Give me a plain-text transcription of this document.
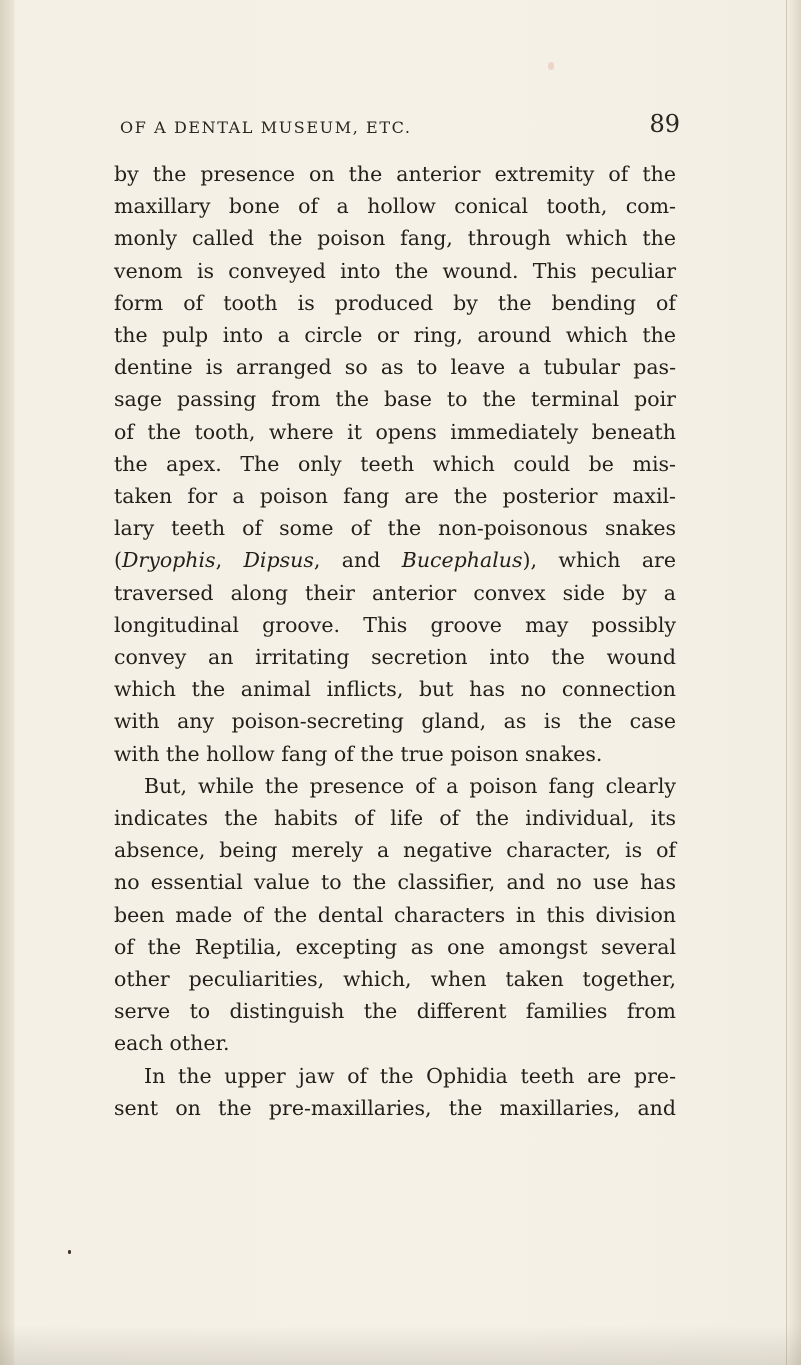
OF A DENTAL MUSEUM, ETC.	89
by the presence on the anterior extremity of the
maxillary bone of a hollow conical tooth, com-
monly called the poison fang, through which the
venom is conveyed into the wound. This peculiar
form of tooth is produced by the bending of
the pulp into a circle or ring, around which the
dentine is arranged so as to leave a tubular pas-
sage passing from the base to the terminal poir
of the tooth, where it opens immediately beneath
the apex. The only teeth which could be mis-
taken for a poison fang are the posterior maxil-
lary teeth of some of the non-poisonous snakes
(Dryophis, Dipsus, and Bucephalus), which are
traversed along their anterior convex side by a
longitudinal groove. This groove may possibly
convey an irritating secretion into the wound
which the animal inflicts, but has no connection
with any poison-secreting gland, as is the case
with the hollow fang of the true poison snakes.
But, while the presence of a poison fang clearly
indicates the habits of life of the individual, its
absence, being merely a negative character, is of
no essential value to the classifier, and no use has
been made of the dental characters in this division
of the Reptilia, excepting as one amongst several
other peculiarities, which, when taken together,
serve to distinguish the different families from
each other.
In the upper jaw of the Ophidia teeth are pre-
sent on the pre-maxillaries, the maxillaries, and
